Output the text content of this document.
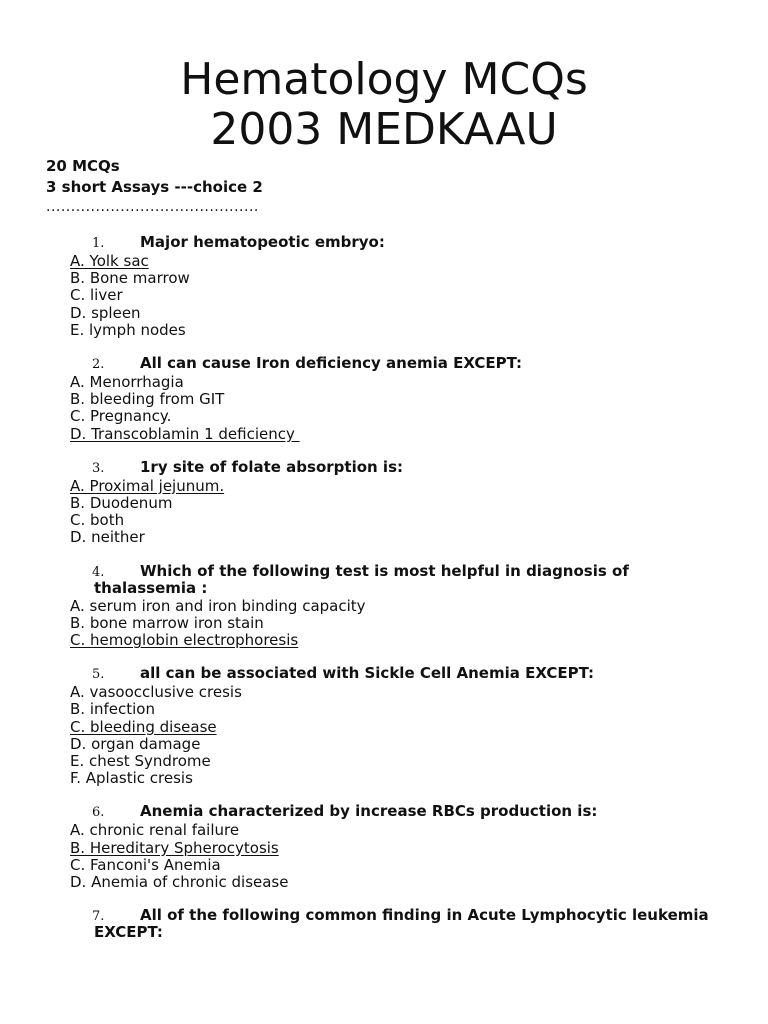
Hematology MCQs
2003 MEDKAAU
20 MCQs
3 short Assays ---choice 2
...........................................
1.	Major hematopeotic embryo:
A. Yolk sac
B. Bone marrow
C. liver
D. spleen
E. lymph nodes
2.	All can cause Iron deficiency anemia EXCEPT:
A. Menorrhagia
B. bleeding from GIT
C. Pregnancy.
D. Transcoblamin 1 deficiency
3.	1ry site of folate absorption is:
A. Proximal jejunum.
B. Duodenum
C. both
D. neither
4.	Which of the following test is most helpful in diagnosis of thalassemia :
A. serum iron and iron binding capacity
B. bone marrow iron stain
C. hemoglobin electrophoresis
5.	all can be associated with Sickle Cell Anemia EXCEPT:
A. vasoocclusive cresis
B. infection
C. bleeding disease
D. organ damage
E. chest Syndrome
F. Aplastic cresis
6.	Anemia characterized by increase RBCs production is:
A. chronic renal failure
B. Hereditary Spherocytosis
C. Fanconi's Anemia
D. Anemia of chronic disease
7.	All of the following common finding in Acute Lymphocytic leukemia EXCEPT:
